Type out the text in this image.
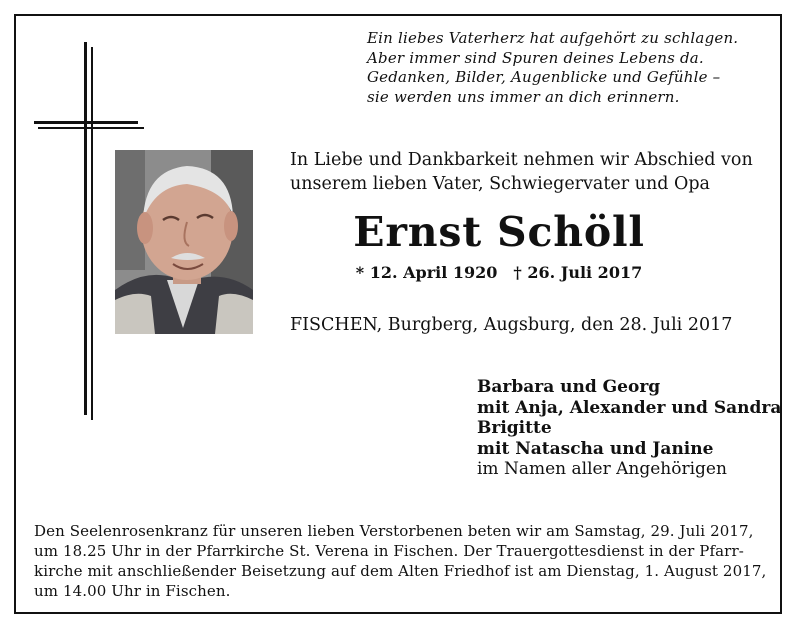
Ein liebes Vaterherz hat aufgehört zu schlagen.
Aber immer sind Spuren deines Lebens da.
Gedanken, Bilder, Augenblicke und Gefühle –
sie werden uns immer an dich erinnern.
In Liebe und Dankbarkeit nehmen wir Abschied von
unserem lieben Vater, Schwiegervater und Opa
Ernst Schöll
* 12. April 1920 † 26. Juli 2017
FISCHEN, Burgberg, Augsburg, den 28. Juli 2017
Barbara und Georg
mit Anja, Alexander und Sandra
Brigitte
mit Natascha und Janine
im Namen aller Angehörigen
Den Seelenrosenkranz für unseren lieben Verstorbenen beten wir am Samstag, 29. Juli 2017,
um 18.25 Uhr in der Pfarrkirche St. Verena in Fischen. Der Trauergottesdienst in der Pfarr-
kirche mit anschließender Beisetzung auf dem Alten Friedhof ist am Dienstag, 1. August 2017,
um 14.00 Uhr in Fischen.
